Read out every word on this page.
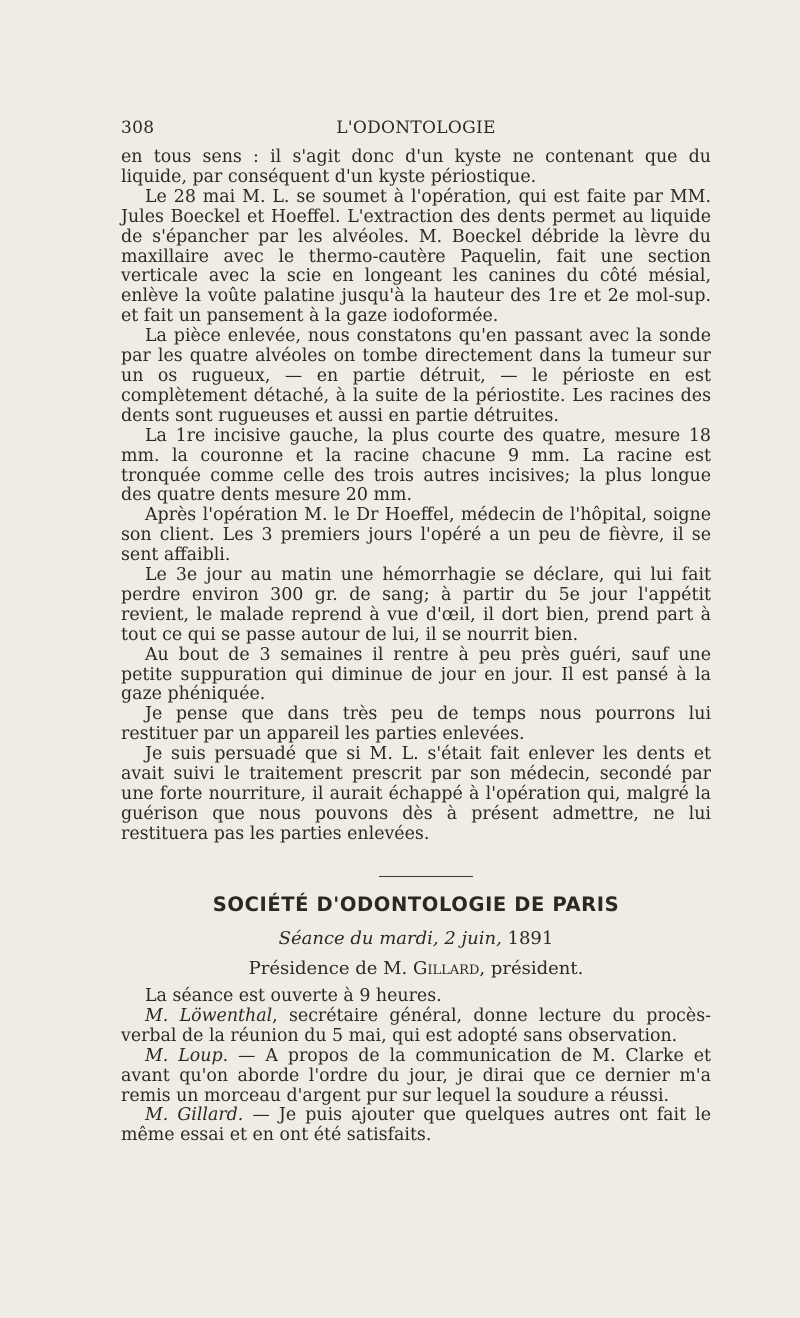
308	L'ODONTOLOGIE

en tous sens : il s'agit donc d'un kyste ne contenant que du liquide, par conséquent d'un kyste périostique.

Le 28 mai M. L. se soumet à l'opération, qui est faite par MM. Jules Boeckel et Hoeffel. L'extraction des dents permet au liquide de s'épancher par les alvéoles. M. Boeckel débride la lèvre du maxillaire avec le thermo-cautère Paquelin, fait une section verticale avec la scie en longeant les canines du côté mésial, enlève la voûte palatine jusqu'à la hauteur des 1re et 2e mol-sup. et fait un pansement à la gaze iodoformée.

La pièce enlevée, nous constatons qu'en passant avec la sonde par les quatre alvéoles on tombe directement dans la tumeur sur un os rugueux, — en partie détruit, — le périoste en est complètement détaché, à la suite de la périostite. Les racines des dents sont rugueuses et aussi en partie détruites.

La 1re incisive gauche, la plus courte des quatre, mesure 18 mm. la couronne et la racine chacune 9 mm. La racine est tronquée comme celle des trois autres incisives; la plus longue des quatre dents mesure 20 mm.

Après l'opération M. le Dr Hoeffel, médecin de l'hôpital, soigne son client. Les 3 premiers jours l'opéré a un peu de fièvre, il se sent affaibli.

Le 3e jour au matin une hémorrhagie se déclare, qui lui fait perdre environ 300 gr. de sang; à partir du 5e jour l'appétit revient, le malade reprend à vue d'œil, il dort bien, prend part à tout ce qui se passe autour de lui, il se nourrit bien.

Au bout de 3 semaines il rentre à peu près guéri, sauf une petite suppuration qui diminue de jour en jour. Il est pansé à la gaze phéniquée.

Je pense que dans très peu de temps nous pourrons lui restituer par un appareil les parties enlevées.

Je suis persuadé que si M. L. s'était fait enlever les dents et avait suivi le traitement prescrit par son médecin, secondé par une forte nourriture, il aurait échappé à l'opération qui, malgré la guérison que nous pouvons dès à présent admettre, ne lui restituera pas les parties enlevées.

SOCIÉTÉ D'ODONTOLOGIE DE PARIS
Séance du mardi, 2 juin, 1891
Présidence de M. Gillard, président.

La séance est ouverte à 9 heures.

M. Löwenthal, secrétaire général, donne lecture du procès-verbal de la réunion du 5 mai, qui est adopté sans observation.

M. Loup. — A propos de la communication de M. Clarke et avant qu'on aborde l'ordre du jour, je dirai que ce dernier m'a remis un morceau d'argent pur sur lequel la soudure a réussi.

M. Gillard. — Je puis ajouter que quelques autres ont fait le même essai et en ont été satisfaits.
